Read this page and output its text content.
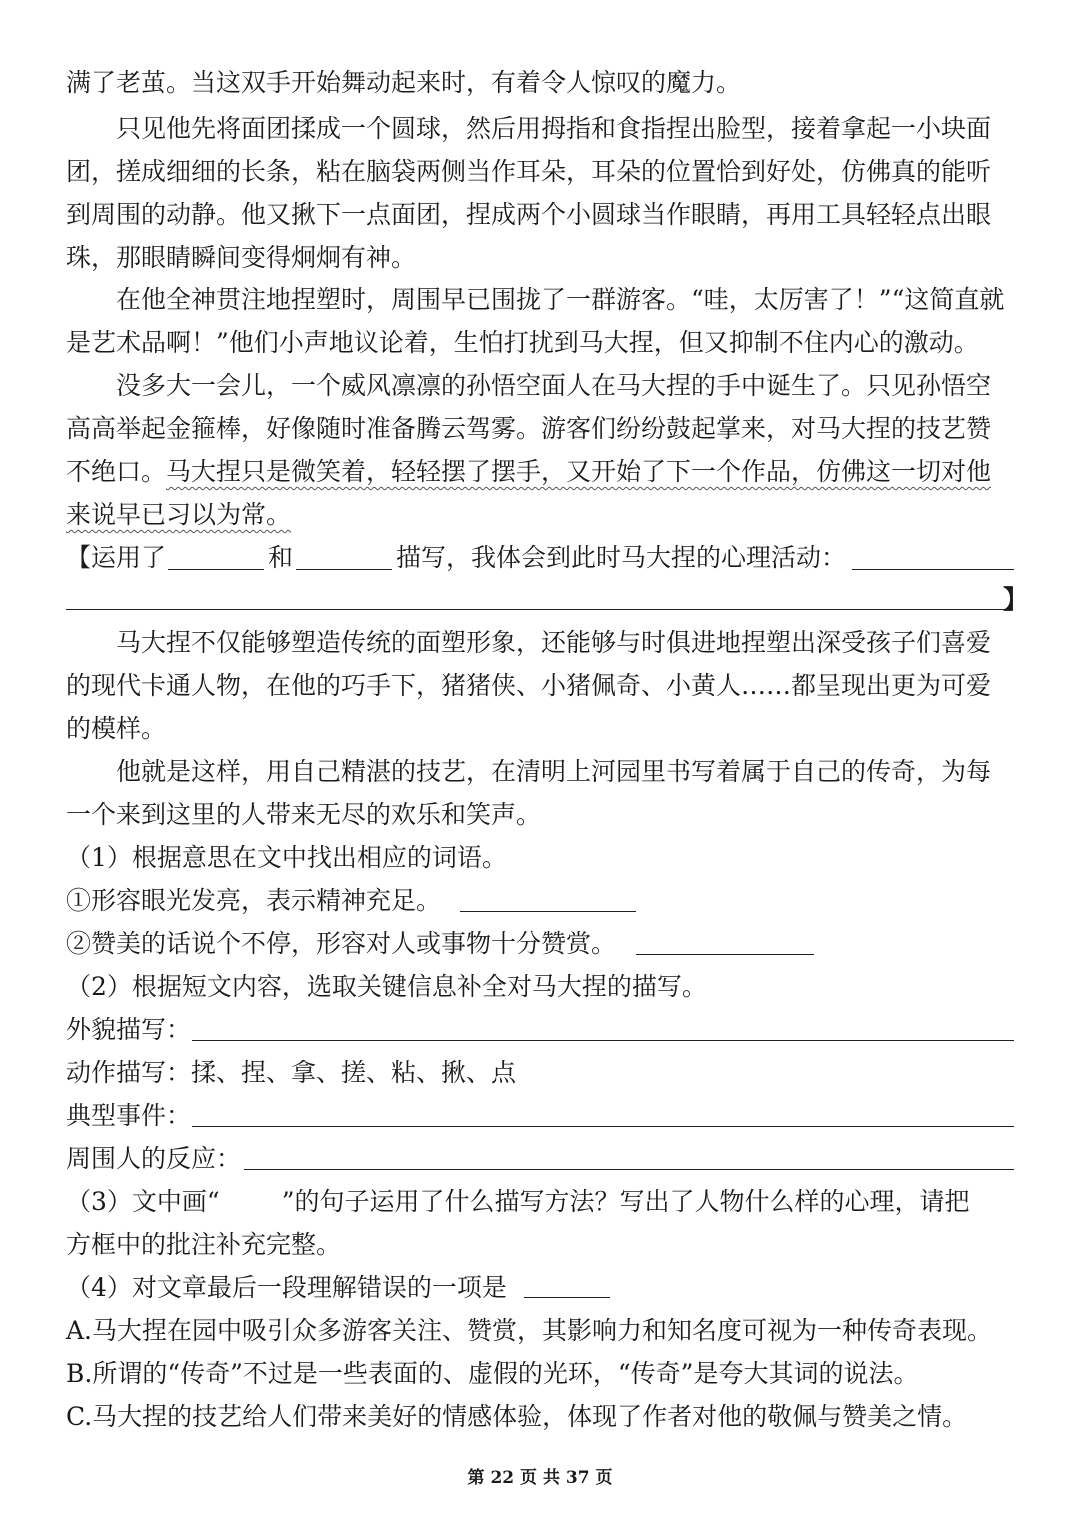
满了老茧。当这双手开始舞动起来时，有着令人惊叹的魔力。
只见他先将面团揉成一个圆球，然后用拇指和食指捏出脸型，接着拿起一小块面
团，搓成细细的长条，粘在脑袋两侧当作耳朵，耳朵的位置恰到好处，仿佛真的能听
到周围的动静。他又揪下一点面团，捏成两个小圆球当作眼睛，再用工具轻轻点出眼
珠，那眼睛瞬间变得炯炯有神。
在他全神贯注地捏塑时，周围早已围拢了一群游客。“哇，太厉害了！”“这简直就
是艺术品啊！”他们小声地议论着，生怕打扰到马大捏，但又抑制不住内心的激动。
没多大一会儿，一个威风凛凛的孙悟空面人在马大捏的手中诞生了。只见孙悟空
高高举起金箍棒，好像随时准备腾云驾雾。游客们纷纷鼓起掌来，对马大捏的技艺赞
不绝口。马大捏只是微笑着，轻轻摆了摆手，又开始了下一个作品，仿佛这一切对他
来说早已习以为常。
【运用了	和	描写，我体会到此时马大捏的心理活动：
】
马大捏不仅能够塑造传统的面塑形象，还能够与时俱进地捏塑出深受孩子们喜爱
的现代卡通人物，在他的巧手下，猪猪侠、小猪佩奇、小黄人……都呈现出更为可爱
的模样。
他就是这样，用自己精湛的技艺，在清明上河园里书写着属于自己的传奇，为每
一个来到这里的人带来无尽的欢乐和笑声。
（1）根据意思在文中找出相应的词语。
①形容眼光发亮，表示精神充足。
②赞美的话说个不停，形容对人或事物十分赞赏。
（2）根据短文内容，选取关键信息补全对马大捏的描写。
外貌描写：
动作描写：揉、捏、拿、搓、粘、揪、点
典型事件：
周围人的反应：
（3）文中画“ ”的句子运用了什么描写方法？写出了人物什么样的心理，请把
方框中的批注补充完整。
（4）对文章最后一段理解错误的一项是
A.马大捏在园中吸引众多游客关注、赞赏，其影响力和知名度可视为一种传奇表现。
B.所谓的“传奇”不过是一些表面的、虚假的光环，“传奇”是夸大其词的说法。
C.马大捏的技艺给人们带来美好的情感体验，体现了作者对他的敬佩与赞美之情。
第 22 页 共 37 页
